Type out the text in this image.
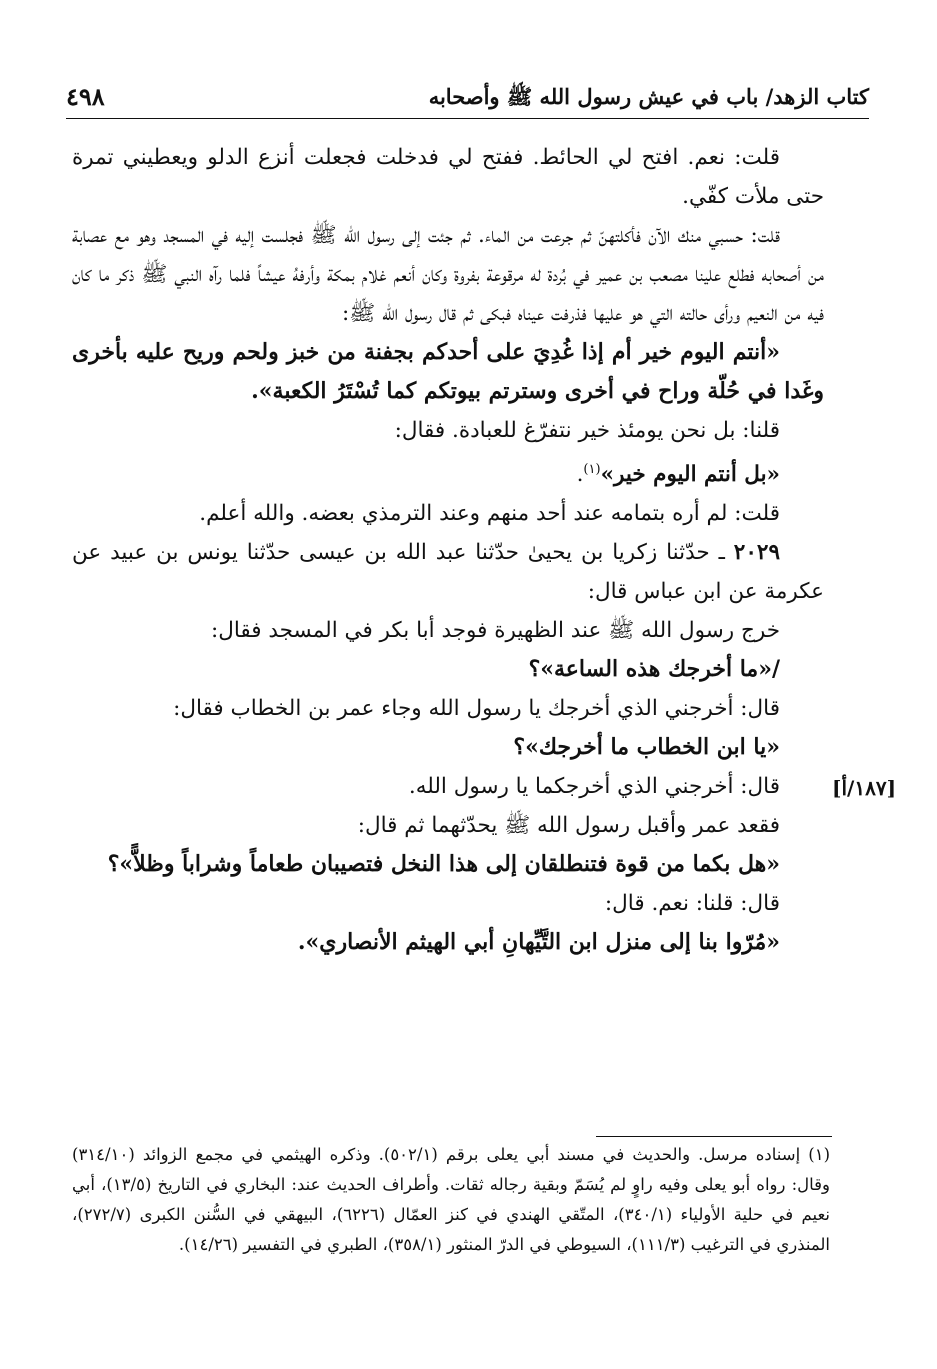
كتاب الزهد/ باب في عيش رسول الله ﷺ وأصحابه
٤٩٨

قلت: نعم. افتح لي الحائط. ففتح لي فدخلت فجعلت أنزع الدلو ويعطيني تمرة حتى ملأت كفّي.

قلت: حسبي منك الآن فأكلتهنّ ثم جرعت من الماء. ثم جئت إلى رسول الله ﷺ فجلست إليه في المسجد وهو مع عصابة من أصحابه فطلع علينا مصعب بن عمير في بُردة له مرقوعة بفروة وكان أنعم غلام بمكة وأرفهُ عيشاً فلما رآه النبي ﷺ ذكر ما كان فيه من النعيم ورأى حالته التي هو عليها فذرفت عيناه فبكى ثم قال رسول الله ﷺ:

«أنتم اليوم خير أم إذا غُدِيَ على أحدكم بجفنة من خبز ولحم وريح عليه بأخرى وغَدا في حُلّة وراح في أخرى وسترتم بيوتكم كما تُسْتَرُ الكعبة».

قلنا: بل نحن يومئذ خير نتفرّغ للعبادة. فقال:

«بل أنتم اليوم خير»$^{(١)}$.

قلت: لم أره بتمامه عند أحد منهم وعند الترمذي بعضه. والله أعلم.

٢٠٢٩ ـ حدّثنا زكريا بن يحيىٰ حدّثنا عبد الله بن عيسى حدّثنا يونس بن عبيد عن عكرمة عن ابن عباس قال:

خرج رسول الله ﷺ عند الظهيرة فوجد أبا بكر في المسجد فقال:

/«ما أخرجك هذه الساعة»؟

قال: أخرجني الذي أخرجك يا رسول الله وجاء عمر بن الخطاب فقال:

«يا ابن الخطاب ما أخرجك»؟

قال: أخرجني الذي أخرجكما يا رسول الله.

فقعد عمر وأقبل رسول الله ﷺ يحدّثهما ثم قال:

«هل بكما من قوة فتنطلقان إلى هذا النخل فتصيبان طعاماً وشراباً وظلاًّ»؟

قال: قلنا: نعم. قال:

«مُرّوا بنا إلى منزل ابن التَّيِّهانِ أبي الهيثم الأنصاري».

[١٨٧/أ]

(١) إسناده مرسل. والحديث في مسند أبي يعلى برقم (٥٠٢/١). وذكره الهيثمي في مجمع الزوائد (٣١٤/١٠) وقال: رواه أبو يعلى وفيه راوٍ لم يُسَمّ وبقية رجاله ثقات. وأطراف الحديث عند: البخاري في التاريخ (١٣/٥)، أبي نعيم في حلية الأولياء (٣٤٠/١)، المتّقي الهندي في كنز العمّال (٦٢٢٦)، البيهقي في السُّنن الكبرى (٢٧٢/٧)، المنذري في الترغيب (١١١/٣)، السيوطي في الدرّ المنثور (٣٥٨/١)، الطبري في التفسير (١٤/٢٦).
